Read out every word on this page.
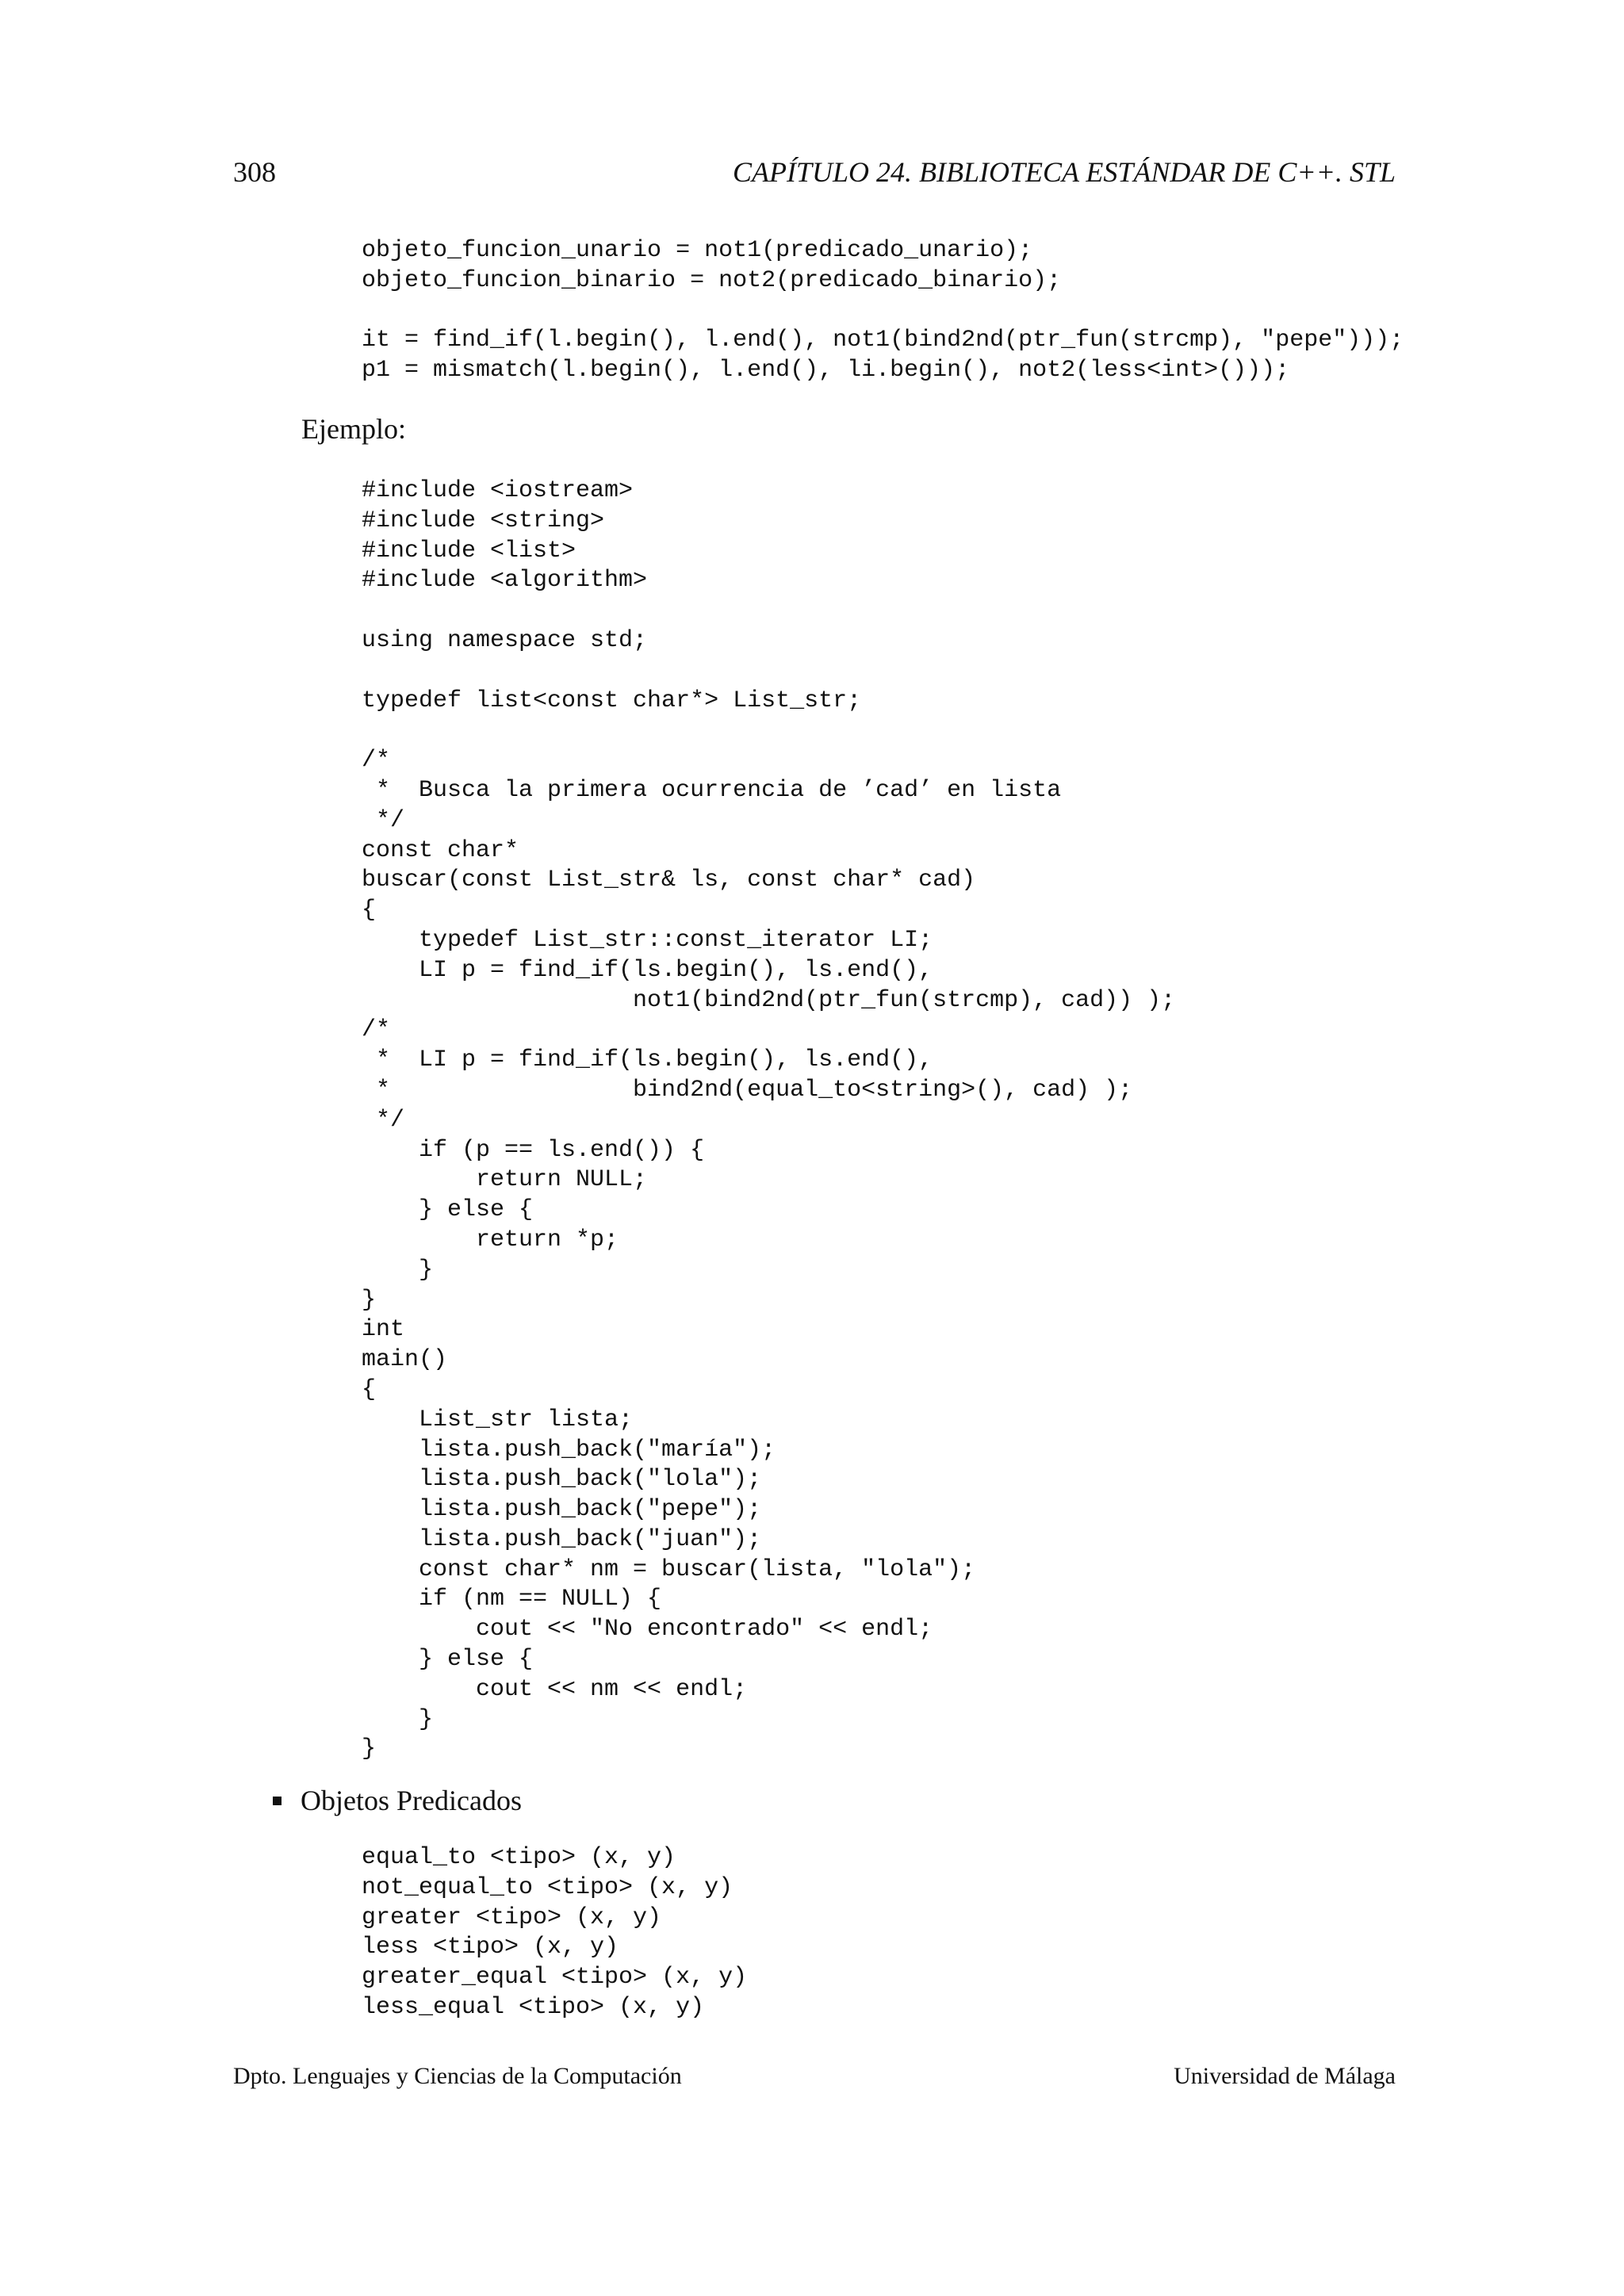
308	CAPÍTULO 24. BIBLIOTECA ESTÁNDAR DE C++. STL
objeto_funcion_unario = not1(predicado_unario);
objeto_funcion_binario = not2(predicado_binario);

it = find_if(l.begin(), l.end(), not1(bind2nd(ptr_fun(strcmp), "pepe")));
p1 = mismatch(l.begin(), l.end(), li.begin(), not2(less<int>()));
Ejemplo:
#include <iostream>
#include <string>
#include <list>
#include <algorithm>

using namespace std;

typedef list<const char*> List_str;

/*
*  Busca la primera ocurrencia de ’cad’ en lista
*/
const char*
buscar(const List_str& ls, const char* cad)
{
typedef List_str::const_iterator LI;
LI p = find_if(ls.begin(), ls.end(),
not1(bind2nd(ptr_fun(strcmp), cad)) );
/*
*  LI p = find_if(ls.begin(), ls.end(),
*                 bind2nd(equal_to<string>(), cad) );
*/
if (p == ls.end()) {
return NULL;
} else {
return *p;
}
}
int
main()
{
List_str lista;
lista.push_back("maría");
lista.push_back("lola");
lista.push_back("pepe");
lista.push_back("juan");
const char* nm = buscar(lista, "lola");
if (nm == NULL) {
cout << "No encontrado" << endl;
} else {
cout << nm << endl;
}
}
Objetos Predicados
equal_to <tipo> (x, y)
not_equal_to <tipo> (x, y)
greater <tipo> (x, y)
less <tipo> (x, y)
greater_equal <tipo> (x, y)
less_equal <tipo> (x, y)
Dpto. Lenguajes y Ciencias de la Computación	Universidad de Málaga
